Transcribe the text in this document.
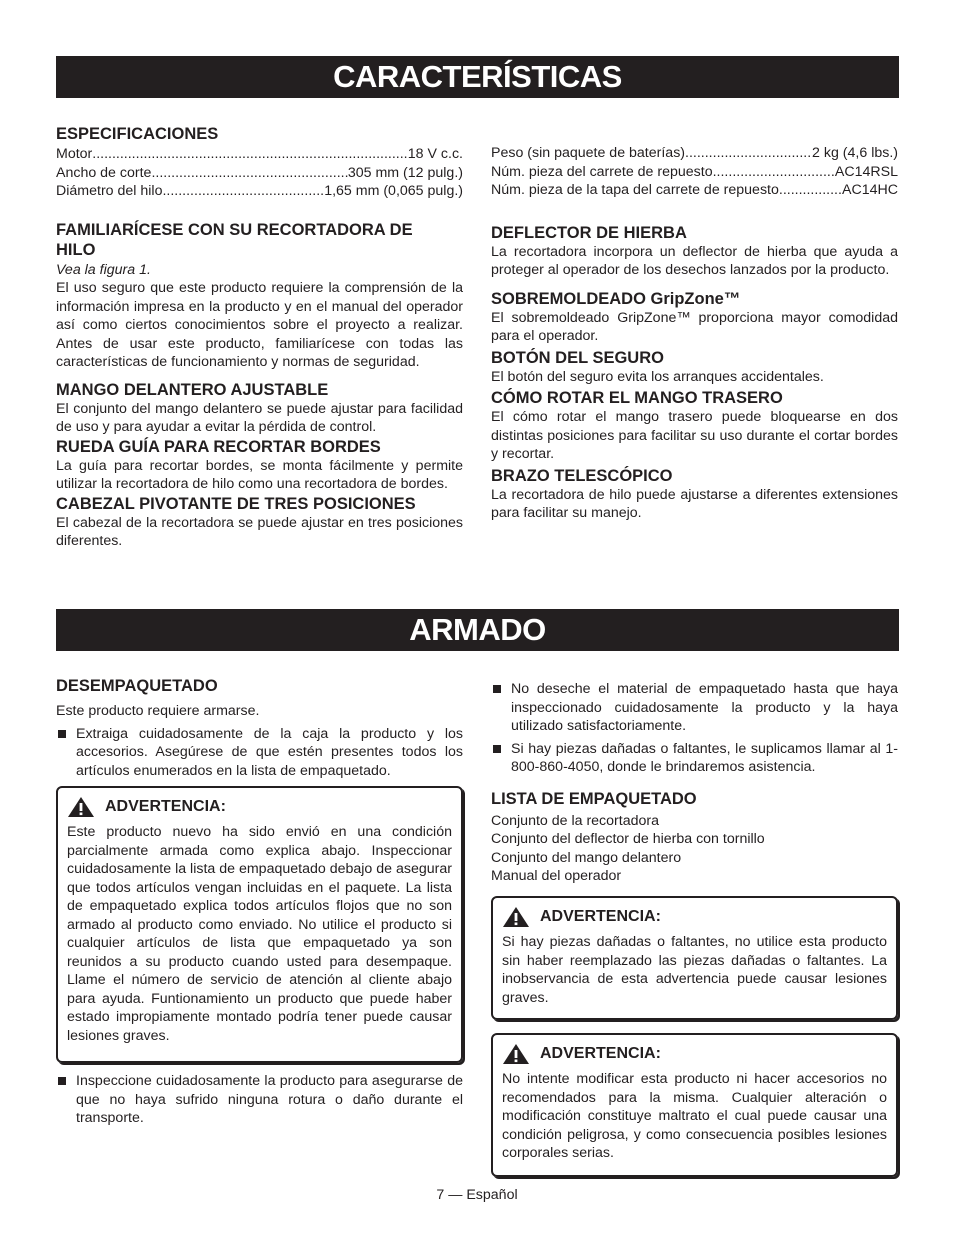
CARACTERÍSTICAS
ESPECIFICACIONES
Motor .....	18 V c.c.
Ancho de corte .....	305 mm (12 pulg.)
Diámetro del hilo .....	1,65 mm (0,065 pulg.)
FAMILIARÍCESE CON SU RECORTADORA DE
HILO
Vea la figura 1.
El uso seguro que este producto requiere la comprensión de la información impresa en la producto y en el manual del operador así como ciertos conocimientos sobre el proyecto a realizar. Antes de usar este producto, familiarícese con todas las características de funcionamiento y normas de seguridad.
MANGO DELANTERO AJUSTABLE
El conjunto del mango delantero se puede ajustar para facilidad de uso y para ayudar a evitar la pérdida de control.
RUEDA GUÍA PARA RECORTAR BORDES
La guía para recortar bordes, se monta fácilmente y permite utilizar la recortadora de hilo como una recortadora de bordes.
CABEZAL PIVOTANTE DE TRES POSICIONES
El cabezal de la recortadora se puede ajustar en tres posiciones diferentes.
Peso (sin paquete de baterías) .....	2 kg (4,6 lbs.)
Núm. pieza del carrete de repuesto .....	AC14RSL
Núm. pieza de la tapa del carrete de repuesto .....	AC14HC
DEFLECTOR DE HIERBA
La recortadora incorpora un deflector de hierba que ayuda a proteger al operador de los desechos lanzados por la producto.
SOBREMOLDEADO GripZone™
El sobremoldeado GripZone™ proporciona mayor comodidad para el operador.
BOTÓN DEL SEGURO
El botón del seguro evita los arranques accidentales.
CÓMO ROTAR EL MANGO TRASERO
El cómo rotar el mango trasero puede bloquearse en dos distintas posiciones para facilitar su uso durante el cortar bordes y recortar.
BRAZO TELESCÓPICO
La recortadora de hilo puede ajustarse a diferentes extensiones para facilitar su manejo.
ARMADO
DESEMPAQUETADO
Este producto requiere armarse.
Extraiga cuidadosamente de la caja la producto y los accesorios. Asegúrese de que estén presentes todos los artículos enumerados en la lista de empaquetado.
ADVERTENCIA:
Este producto nuevo ha sido envió en una condición parcialmente armada como explica abajo. Inspeccionar cuidadosamente la lista de empaquetado debajo de asegurar que todos artículos vengan incluidas en el paquete. La lista de empaquetado explica todos artículos flojos que no son armado al producto como enviado. No utilice el producto si cualquier artículos de lista que empaquetado ya son reunidos a su producto cuando usted para desempaque. Llame el número de servicio de atención al cliente abajo para ayuda. Funtionamiento un producto que puede haber estado impropiamente montado podría tener puede causar lesiones graves.
Inspeccione cuidadosamente la producto para asegurarse de que no haya sufrido ninguna rotura o daño durante el transporte.
No deseche el material de empaquetado hasta que haya inspeccionado cuidadosamente la producto y la haya utilizado satisfactoriamente.
Si hay piezas dañadas o faltantes, le suplicamos llamar al 1-800-860-4050, donde le brindaremos asistencia.
LISTA DE EMPAQUETADO
Conjunto de la recortadora
Conjunto del deflector de hierba con tornillo
Conjunto del mango delantero
Manual del operador
ADVERTENCIA:
Si hay piezas dañadas o faltantes, no utilice esta producto sin haber reemplazado las piezas dañadas o faltantes. La inobservancia de esta advertencia puede causar lesiones graves.
ADVERTENCIA:
No intente modificar esta producto ni hacer accesorios no recomendados para la misma. Cualquier alteración o modificación constituye maltrato el cual puede causar una condición peligrosa, y como consecuencia posibles lesiones corporales serias.
7 — Español
